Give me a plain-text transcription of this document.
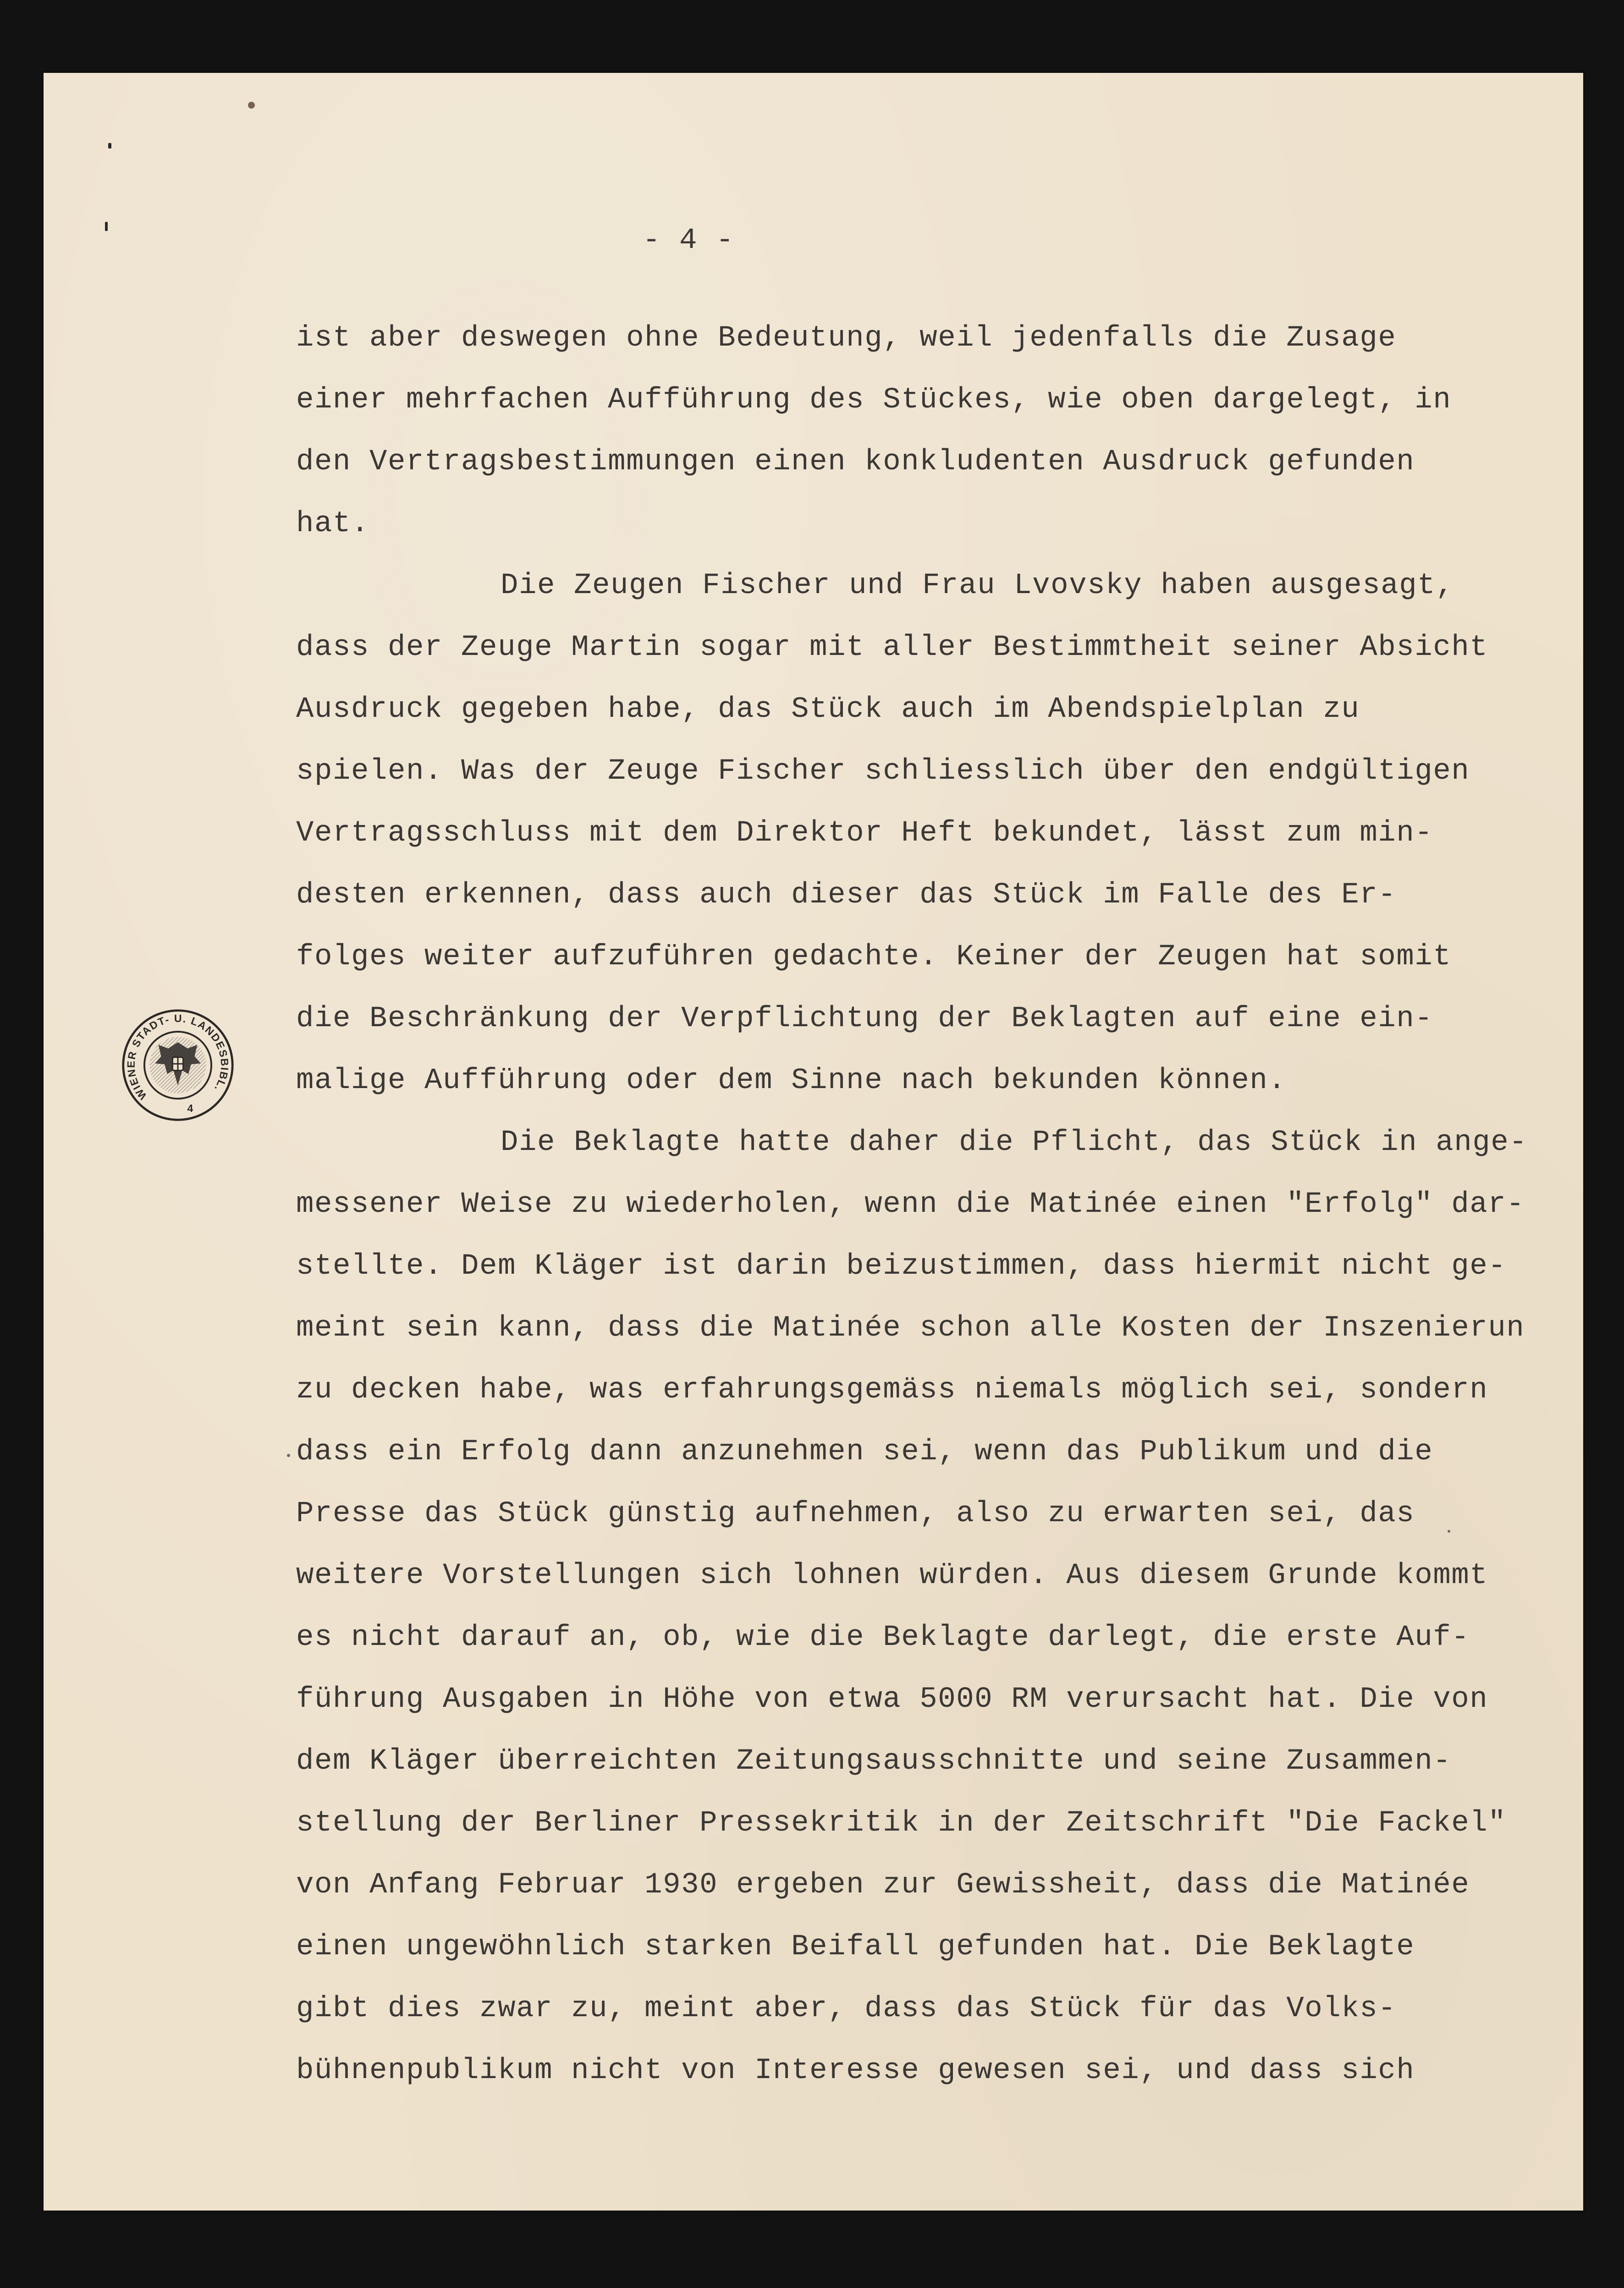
- 4 -
ist aber deswegen ohne Bedeutung, weil jedenfalls die Zusage
einer mehrfachen Aufführung des Stückes, wie oben dargelegt, in
den Vertragsbestimmungen einen konkludenten Ausdruck gefunden
hat.
Die Zeugen Fischer und Frau Lvovsky haben ausgesagt,
dass der Zeuge Martin sogar mit aller Bestimmtheit seiner Absicht
Ausdruck gegeben habe, das Stück auch im Abendspielplan zu
spielen. Was der Zeuge Fischer schliesslich über den endgültigen
Vertragsschluss mit dem Direktor Heft bekundet, lässt zum min-
desten erkennen, dass auch dieser das Stück im Falle des Er-
folges weiter aufzuführen gedachte. Keiner der Zeugen hat somit
die Beschränkung der Verpflichtung der Beklagten auf eine ein-
malige Aufführung oder dem Sinne nach bekunden können.
Die Beklagte hatte daher die Pflicht, das Stück in ange-
messener Weise zu wiederholen, wenn die Matinée einen "Erfolg" dar-
stellte. Dem Kläger ist darin beizustimmen, dass hiermit nicht ge-
meint sein kann, dass die Matinée schon alle Kosten der Inszenierun
zu decken habe, was erfahrungsgemäss niemals möglich sei, sondern
dass ein Erfolg dann anzunehmen sei, wenn das Publikum und die
Presse das Stück günstig aufnehmen, also zu erwarten sei, das
weitere Vorstellungen sich lohnen würden. Aus diesem Grunde kommt
es nicht darauf an, ob, wie die Beklagte darlegt, die erste Auf-
führung Ausgaben in Höhe von etwa 5000 RM verursacht hat. Die von
dem Kläger überreichten Zeitungsausschnitte und seine Zusammen-
stellung der Berliner Pressekritik in der Zeitschrift "Die Fackel"
von Anfang Februar 1930 ergeben zur Gewissheit, dass die Matinée
einen ungewöhnlich starken Beifall gefunden hat. Die Beklagte
gibt dies zwar zu, meint aber, dass das Stück für das Volks-
bühnenpublikum nicht von Interesse gewesen sei, und dass sich
WIENER STADT- U. LANDESBIBL.
4
